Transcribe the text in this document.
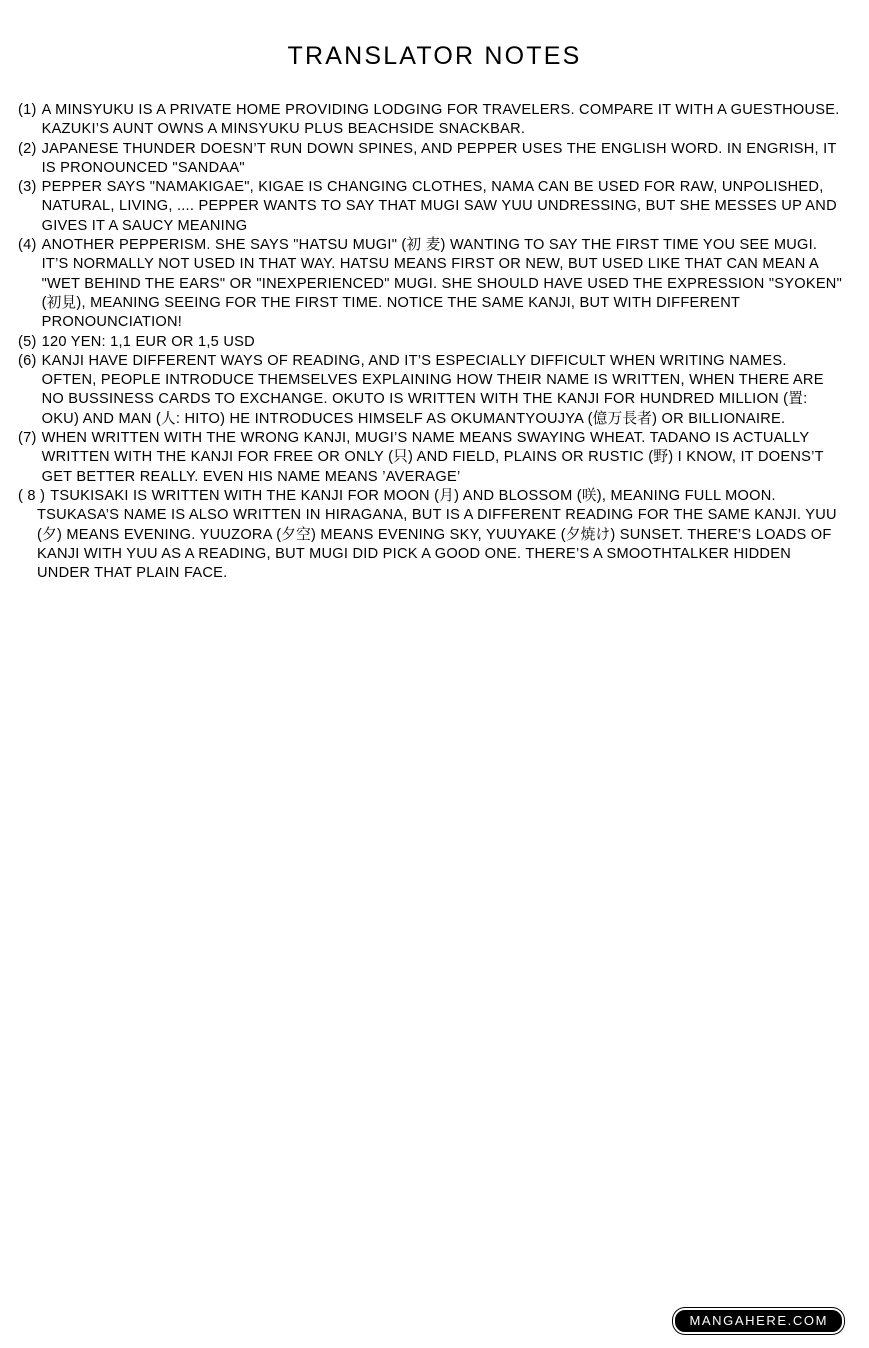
TRANSLATOR NOTES
(1) A MINSYUKU IS A PRIVATE HOME PROVIDING LODGING FOR TRAVELERS. COMPARE IT WITH A GUESTHOUSE. KAZUKI’S AUNT OWNS A MINSYUKU PLUS BEACHSIDE SNACKBAR.
(2) JAPANESE THUNDER DOESN’T RUN DOWN SPINES, AND PEPPER USES THE ENGLISH WORD. IN ENGRISH, IT IS PRONOUNCED "SANDAA"
(3) PEPPER SAYS "NAMAKIGAE", KIGAE IS CHANGING CLOTHES, NAMA CAN BE USED FOR RAW, UNPOLISHED, NATURAL, LIVING, .... PEPPER WANTS TO SAY THAT MUGI SAW YUU UNDRESSING, BUT SHE MESSES UP AND GIVES IT A SAUCY MEANING
(4) ANOTHER PEPPERISM. SHE SAYS "HATSU MUGI" (初 麦) WANTING TO SAY THE FIRST TIME YOU SEE MUGI. IT’S NORMALLY NOT USED IN THAT WAY. HATSU MEANS FIRST OR NEW, BUT USED LIKE THAT CAN MEAN A "WET BEHIND THE EARS" OR "INEXPERIENCED" MUGI. SHE SHOULD HAVE USED THE EXPRESSION "SYOKEN" (初見), MEANING SEEING FOR THE FIRST TIME. NOTICE THE SAME KANJI, BUT WITH DIFFERENT PRONOUNCIATION!
(5) 120 YEN: 1,1 EUR OR 1,5 USD
(6) KANJI HAVE DIFFERENT WAYS OF READING, AND IT’S ESPECIALLY DIFFICULT WHEN WRITING NAMES. OFTEN, PEOPLE INTRODUCE THEMSELVES EXPLAINING HOW THEIR NAME IS WRITTEN, WHEN THERE ARE NO BUSSINESS CARDS TO EXCHANGE. OKUTO IS WRITTEN WITH THE KANJI FOR HUNDRED MILLION (置: OKU) AND MAN (人: HITO) HE INTRODUCES HIMSELF AS OKUMANTYOUJYA (億万長者) OR BILLIONAIRE.
(7) WHEN WRITTEN WITH THE WRONG KANJI, MUGI’S NAME MEANS SWAYING WHEAT. TADANO IS ACTUALLY WRITTEN WITH THE KANJI FOR FREE OR ONLY (只) AND FIELD, PLAINS OR RUSTIC (野) I KNOW, IT DOENS’T GET BETTER REALLY. EVEN HIS NAME MEANS ’AVERAGE’
( 8 ) TSUKISAKI IS WRITTEN WITH THE KANJI FOR MOON (月) AND BLOSSOM (咲), MEANING FULL MOON.
TSUKASA’S NAME IS ALSO WRITTEN IN HIRAGANA, BUT IS A DIFFERENT READING FOR THE SAME KANJI. YUU (夕) MEANS EVENING. YUUZORA (夕空) MEANS EVENING SKY, YUUYAKE (夕焼け) SUNSET. THERE’S LOADS OF KANJI WITH YUU AS A READING, BUT MUGI DID PICK A GOOD ONE. THERE’S A SMOOTHTALKER HIDDEN UNDER THAT PLAIN FACE.
MANGAHERE.COM
